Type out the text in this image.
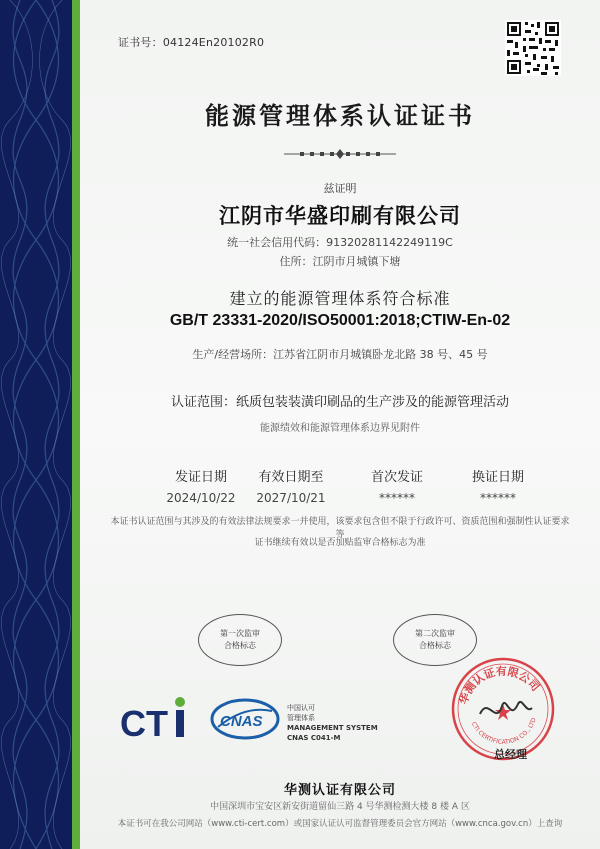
证书号：04124En20102R0
能源管理体系认证证书
兹证明
江阴市华盛印刷有限公司
统一社会信用代码：91320281142249119C
住所：江阴市月城镇下塘
建立的能源管理体系符合标准
GB/T 23331-2020/ISO50001:2018;CTIW-En-02
生产/经营场所：江苏省江阴市月城镇卧龙北路 38 号、45 号
认证范围：纸质包装装潢印刷品的生产涉及的能源管理活动
能源绩效和能源管理体系边界见附件
发证日期
2024/10/22
有效日期至
2027/10/21
首次发证
******
换证日期
******
本证书认证范围与其涉及的有效法律法规要求一并使用，该要求包含但不限于行政许可、资质范围和强制性认证要求等
证书继续有效以是否加贴监审合格标志为准
第一次监审
合格标志
第二次监审
合格标志
CT	CNAS
中国认可
管理体系
MANAGEMENT SYSTEM
CNAS C041-M
华测认证有限公司
CTI CERTIFICATION CO., LTD
总经理
华测认证有限公司
中国深圳市宝安区新安街道留仙三路 4 号华测检测大楼 8 楼 A 区
本证书可在我公司网站（www.cti-cert.com）或国家认证认可监督管理委员会官方网站（www.cnca.gov.cn）上查询
